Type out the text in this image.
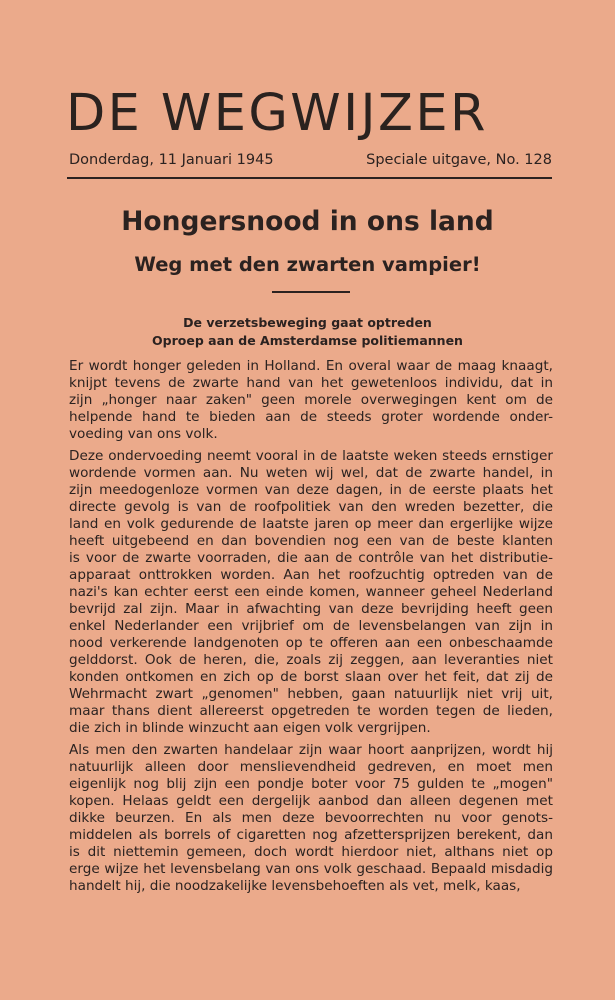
DE WEGWIJZER
Donderdag, 11 Januari 1945	Speciale uitgave, No. 128
Hongersnood in ons land
Weg met den zwarten vampier!
De verzetsbeweging gaat optreden
Oproep aan de Amsterdamse politiemannen
Er wordt honger geleden in Holland. En overal waar de maag knaagt,
knijpt tevens de zwarte hand van het gewetenloos individu, dat in
zijn „honger naar zaken" geen morele overwegingen kent om de
helpende hand te bieden aan de steeds groter wordende onder-
voeding van ons volk.
Deze ondervoeding neemt vooral in de laatste weken steeds ernstiger
wordende vormen aan. Nu weten wij wel, dat de zwarte handel, in
zijn meedogenloze vormen van deze dagen, in de eerste plaats het
directe gevolg is van de roofpolitiek van den wreden bezetter, die
land en volk gedurende de laatste jaren op meer dan ergerlijke wijze
heeft uitgebeend en dan bovendien nog een van de beste klanten
is voor de zwarte voorraden, die aan de contrôle van het distributie-
apparaat onttrokken worden. Aan het roofzuchtig optreden van de
nazi's kan echter eerst een einde komen, wanneer geheel Nederland
bevrijd zal zijn. Maar in afwachting van deze bevrijding heeft geen
enkel Nederlander een vrijbrief om de levensbelangen van zijn in
nood verkerende landgenoten op te offeren aan een onbeschaamde
gelddorst. Ook de heren, die, zoals zij zeggen, aan leveranties niet
konden ontkomen en zich op de borst slaan over het feit, dat zij de
Wehrmacht zwart „genomen" hebben, gaan natuurlijk niet vrij uit,
maar thans dient allereerst opgetreden te worden tegen de lieden,
die zich in blinde winzucht aan eigen volk vergrijpen.
Als men den zwarten handelaar zijn waar hoort aanprijzen, wordt hij
natuurlijk alleen door menslievendheid gedreven, en moet men
eigenlijk nog blij zijn een pondje boter voor 75 gulden te „mogen"
kopen. Helaas geldt een dergelijk aanbod dan alleen degenen met
dikke beurzen. En als men deze bevoorrechten nu voor genots-
middelen als borrels of cigaretten nog afzettersprijzen berekent, dan
is dit niettemin gemeen, doch wordt hierdoor niet, althans niet op
erge wijze het levensbelang van ons volk geschaad. Bepaald misdadig
handelt hij, die noodzakelijke levensbehoeften als vet, melk, kaas,
